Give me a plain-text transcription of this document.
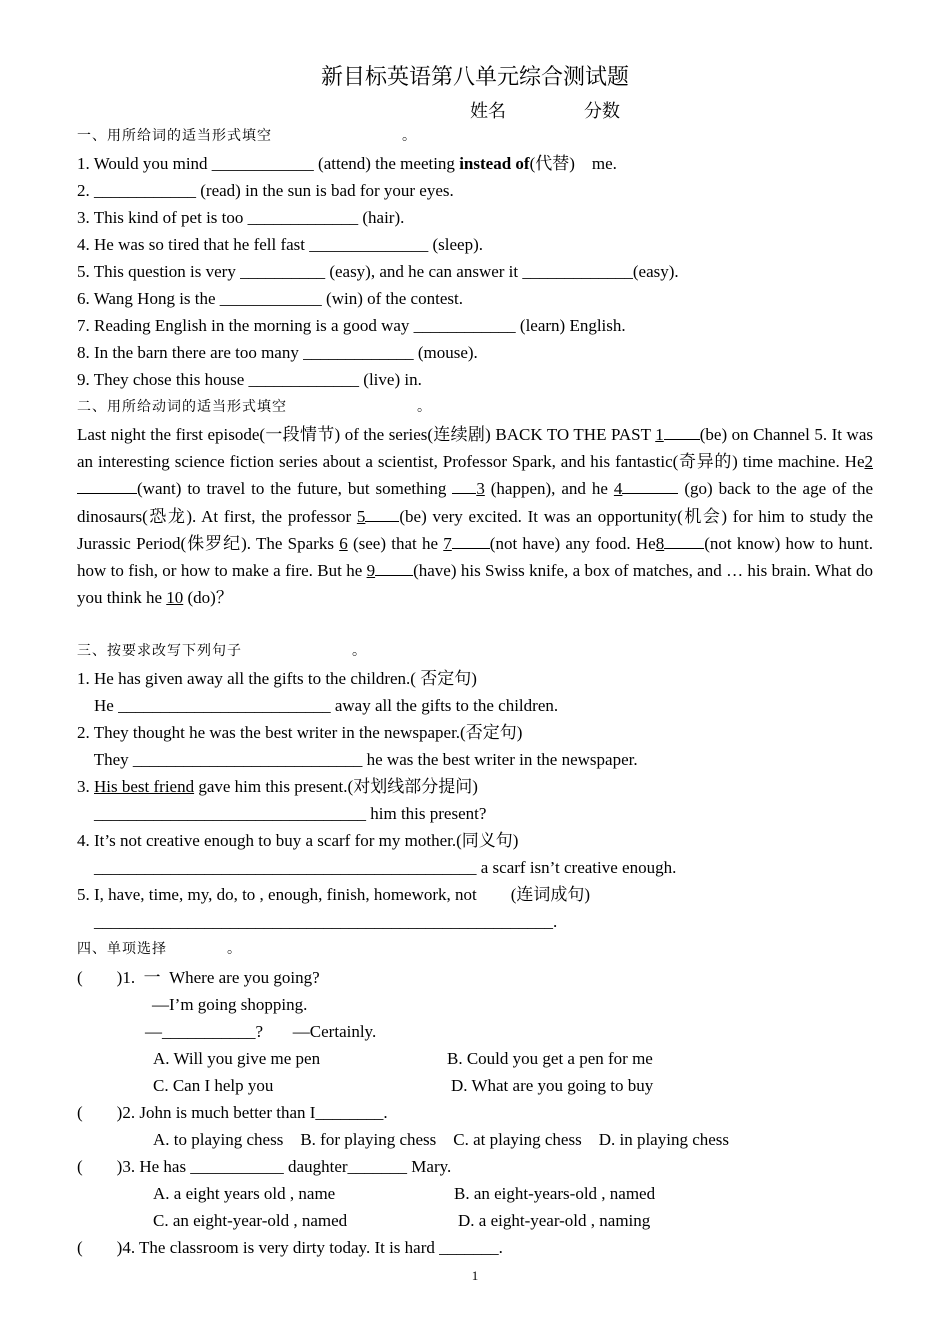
新目标英语第八单元综合测试题
姓名	分数
一、用所给词的适当形式填空	。
1. Would you mind ____________ (attend) the meeting instead of(代替)    me.
2. ____________ (read) in the sun is bad for your eyes.
3. This kind of pet is too _____________ (hair).
4. He was so tired that he fell fast ______________ (sleep).
5. This question is very __________ (easy), and he can answer it _____________(easy).
6. Wang Hong is the ____________ (win) of the contest.
7. Reading English in the morning is a good way ____________ (learn) English.
8. In the barn there are too many _____________ (mouse).
9. They chose this house _____________ (live) in.
二、用所给动词的适当形式填空	。
Last night the first episode(一段情节) of the series(连续剧) BACK TO THE PAST 1 (be) on Channel 5. It was an interesting science fiction series about a scientist, Professor Spark, and his fantastic(奇异的) time machine. He2(want) to travel to the future, but something 3 (happen), and he 4	(go) back to the age of the dinosaurs(恐龙). At first, the professor 5 (be) very excited. It was an opportunity(机会) for him to study the Jurassic Period(侏罗纪). The Sparks 6 (see) that he 7 (not have) any food. He8 (not know) how to hunt. how to fish, or how to make a fire. But he 9 (have) his Swiss knife, a box of matches, and … his brain. What do you think he 10 (do)？
三、按要求改写下列句子	。
1. He has given away all the gifts to the children.( 否定句)
He _________________________ away all the gifts to the children.
2. They thought he was the best writer in the newspaper.(否定句)
They ___________________________ he was the best writer in the newspaper.
3. His best friend gave him this present.(对划线部分提问)
________________________________ him this present?
4. It’s not creative enough to buy a scarf for my mother.(同义句)
_____________________________________________ a scarf isn’t creative enough.
5. I, have, time, my, do, to , enough, finish, homework, not        (连词成句)
______________________________________________________.
四、单项选择	。
(        )1.  一  Where are you going?
—I’m going shopping.
—___________?       —Certainly.
A. Will you give me pen	B. Could you get a pen for me
C. Can I help you	D. What are you going to buy
(        )2. John is much better than I________.
A. to playing chess    B. for playing chess    C. at playing chess    D. in playing chess
(        )3. He has ___________ daughter_______ Mary.
A. a eight years old , name	B. an eight-years-old , named
C. an eight-year-old , named	D. a eight-year-old , naming
(        )4. The classroom is very dirty today. It is hard _______.
1
